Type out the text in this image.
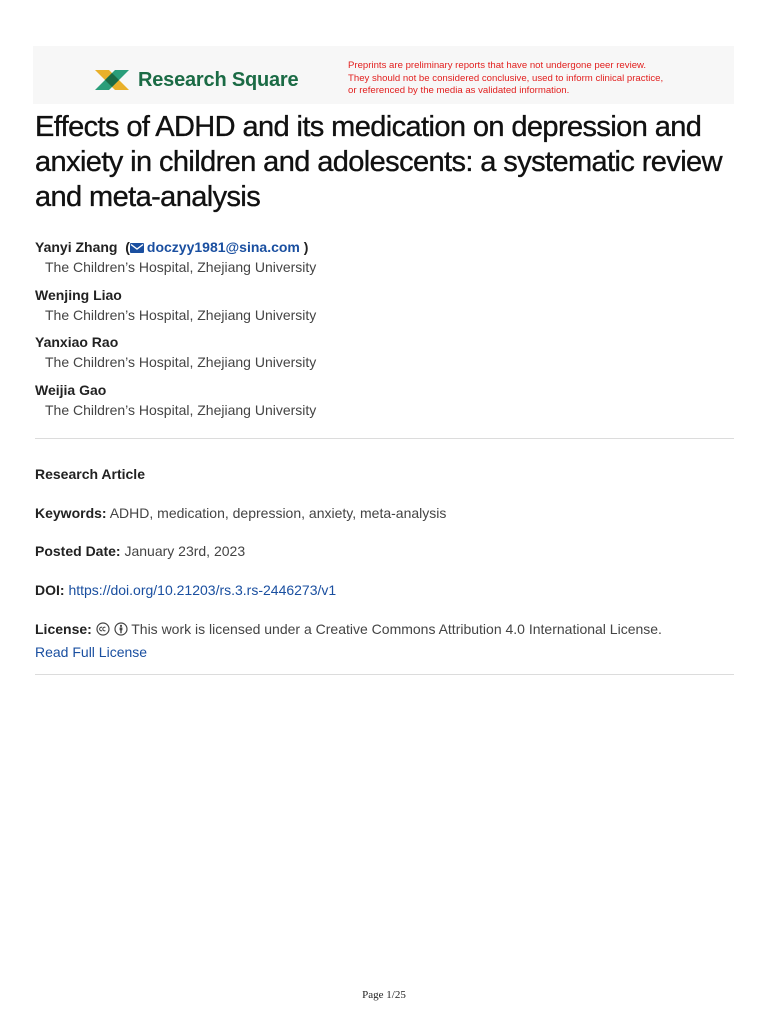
Research Square
Preprints are preliminary reports that have not undergone peer review.
They should not be considered conclusive, used to inform clinical practice,
or referenced by the media as validated information.
Effects of ADHD and its medication on depression and anxiety in children and adolescents: a systematic review and meta-analysis
Yanyi Zhang  ( doczyy1981@sina.com )
The Children’s Hospital, Zhejiang University
Wenjing Liao
The Children’s Hospital, Zhejiang University
Yanxiao Rao
The Children’s Hospital, Zhejiang University
Weijia Gao
The Children’s Hospital, Zhejiang University
Research Article
Keywords: ADHD, medication, depression, anxiety, meta-analysis
Posted Date: January 23rd, 2023
DOI: https://doi.org/10.21203/rs.3.rs-2446273/v1
License:	This work is licensed under a Creative Commons Attribution 4.0 International License.
Read Full License
Page 1/25
